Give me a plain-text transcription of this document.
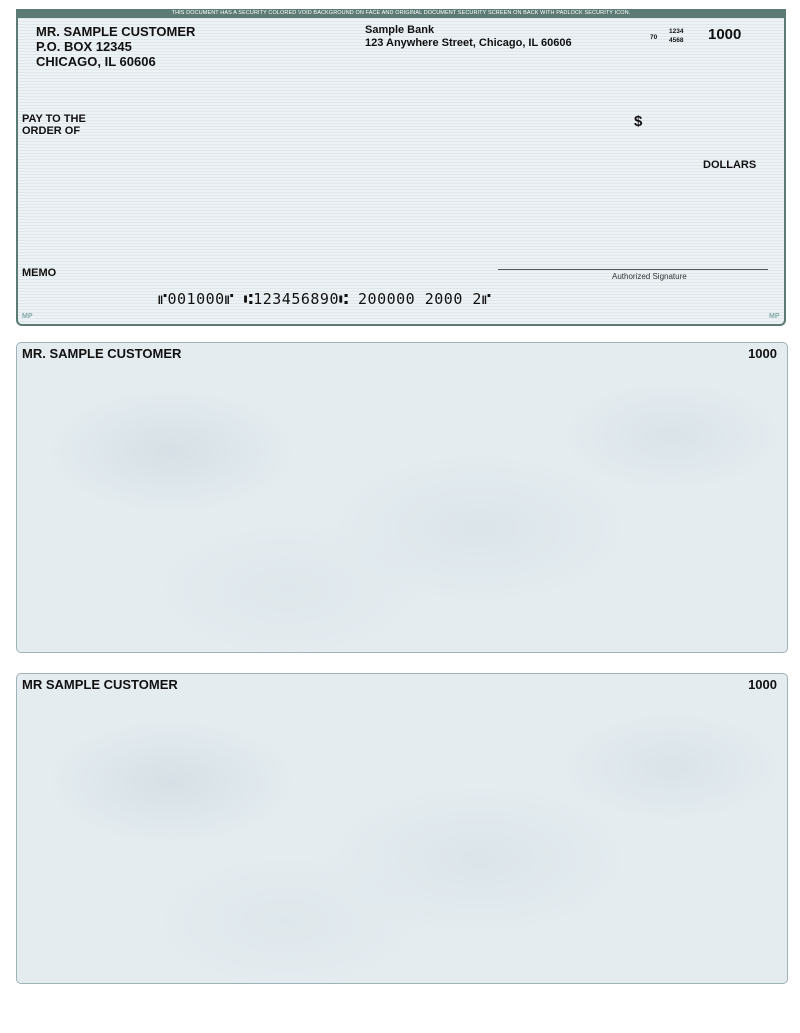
THIS DOCUMENT HAS A SECURITY COLORED VOID BACKGROUND ON FACE AND ORIGINAL DOCUMENT SECURITY SCREEN ON BACK WITH PADLOCK SECURITY ICON.
MR. SAMPLE CUSTOMER
P.O. BOX 12345
CHICAGO, IL 60606
Sample Bank
123 Anywhere Street, Chicago, IL 60606	70
1234
4568 1000
PAY TO THE
ORDER OF
$
DOLLARS
MEMO	Authorized Signature
⑈001000⑈ ⑆123456890⑆ 200000 2000 2⑈
MP	MP
MR. SAMPLE CUSTOMER	1000
MR SAMPLE CUSTOMER	1000
